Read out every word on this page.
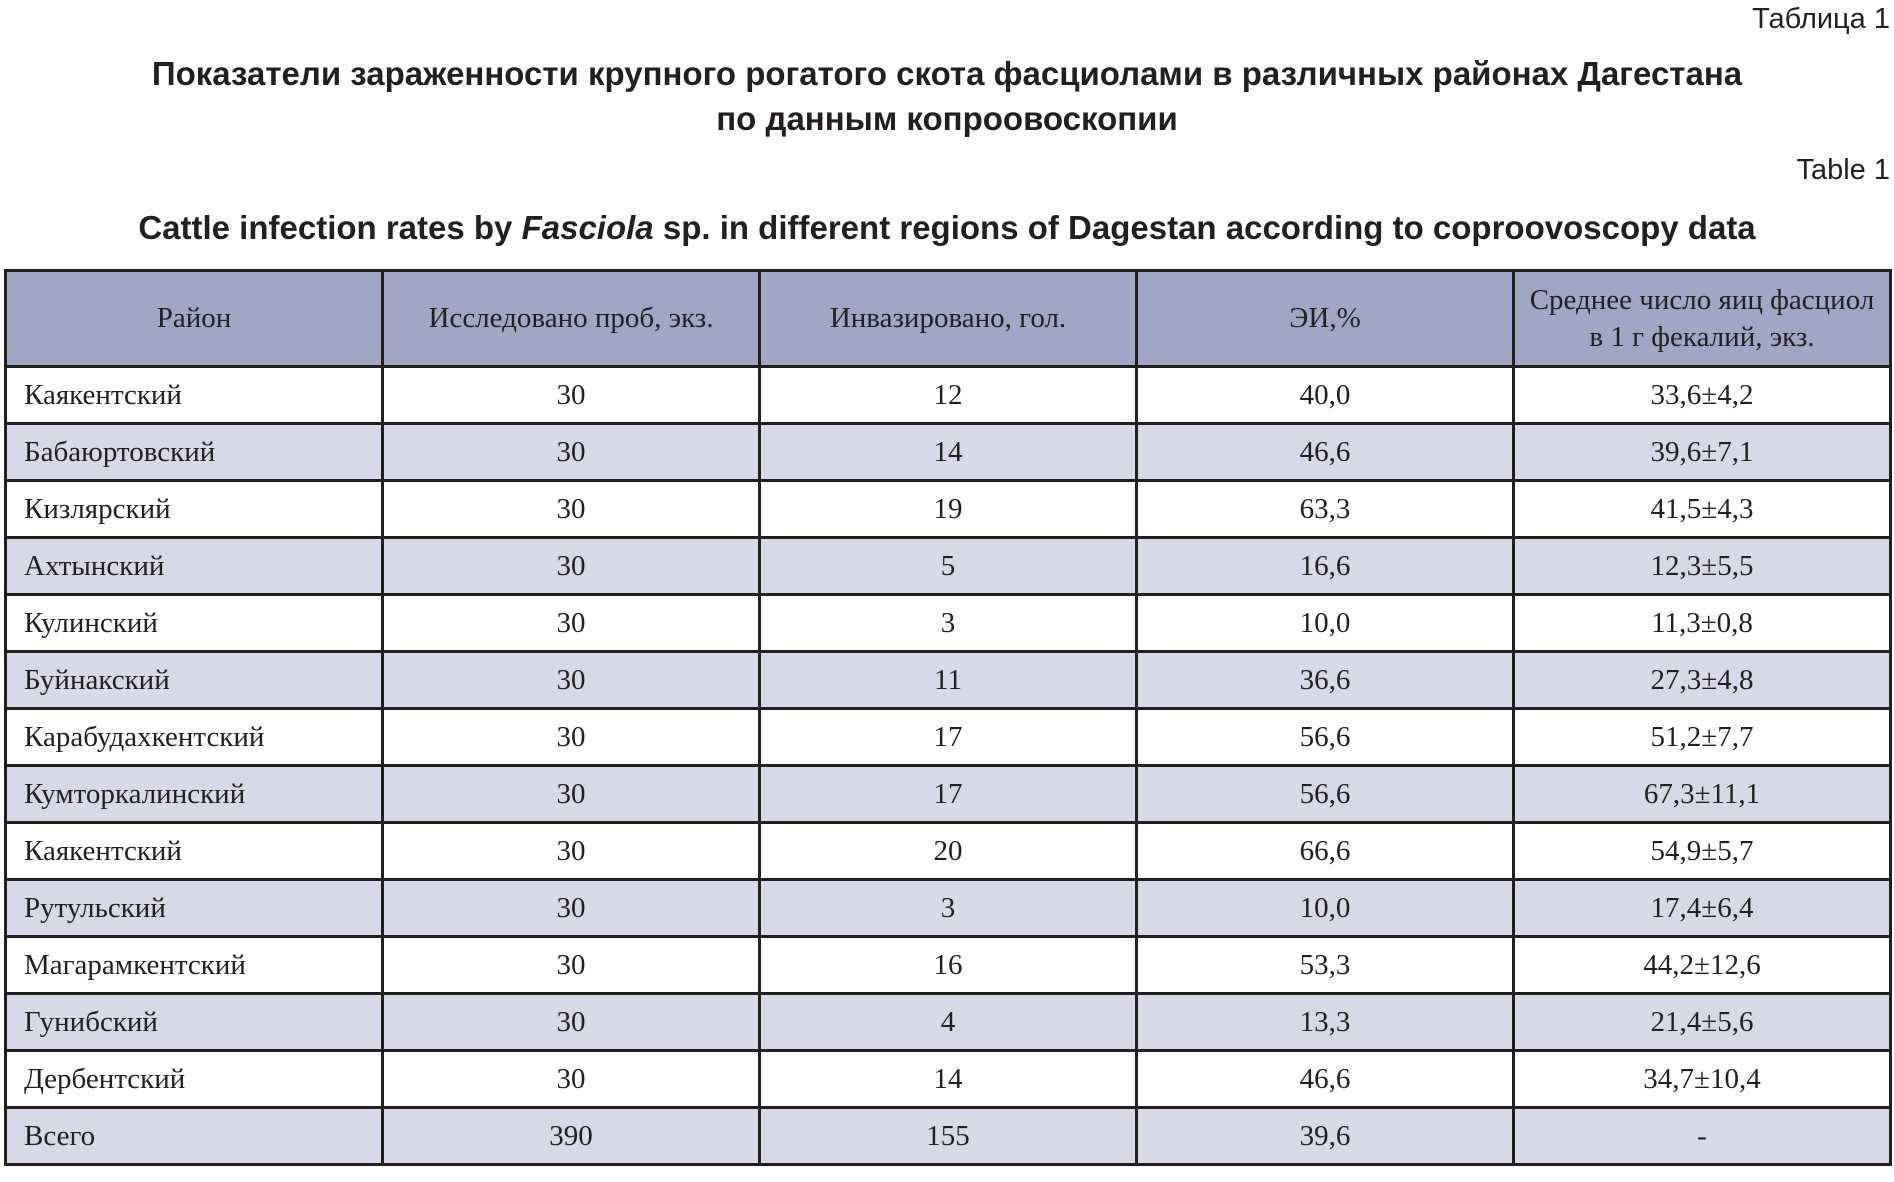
Таблица 1
Показатели зараженности крупного рогатого скота фасциолами в различных районах Дагестана
по данным копроовоскопии
Table 1
Cattle infection rates by Fasciola sp. in different regions of Dagestan according to coproovoscopy data
Район	Исследовано проб, экз.	Инвазировано, гол.	ЭИ,%	Среднее число яиц фасциол в 1 г фекалий, экз.
Каякентский	30	12	40,0	33,6±4,2
Бабаюртовский	30	14	46,6	39,6±7,1
Кизлярский	30	19	63,3	41,5±4,3
Ахтынский	30	5	16,6	12,3±5,5
Кулинский	30	3	10,0	11,3±0,8
Буйнакский	30	11	36,6	27,3±4,8
Карабудахкентский	30	17	56,6	51,2±7,7
Кумторкалинский	30	17	56,6	67,3±11,1
Каякентский	30	20	66,6	54,9±5,7
Рутульский	30	3	10,0	17,4±6,4
Магарамкентский	30	16	53,3	44,2±12,6
Гунибский	30	4	13,3	21,4±5,6
Дербентский	30	14	46,6	34,7±10,4
Всего	390	155	39,6	-
